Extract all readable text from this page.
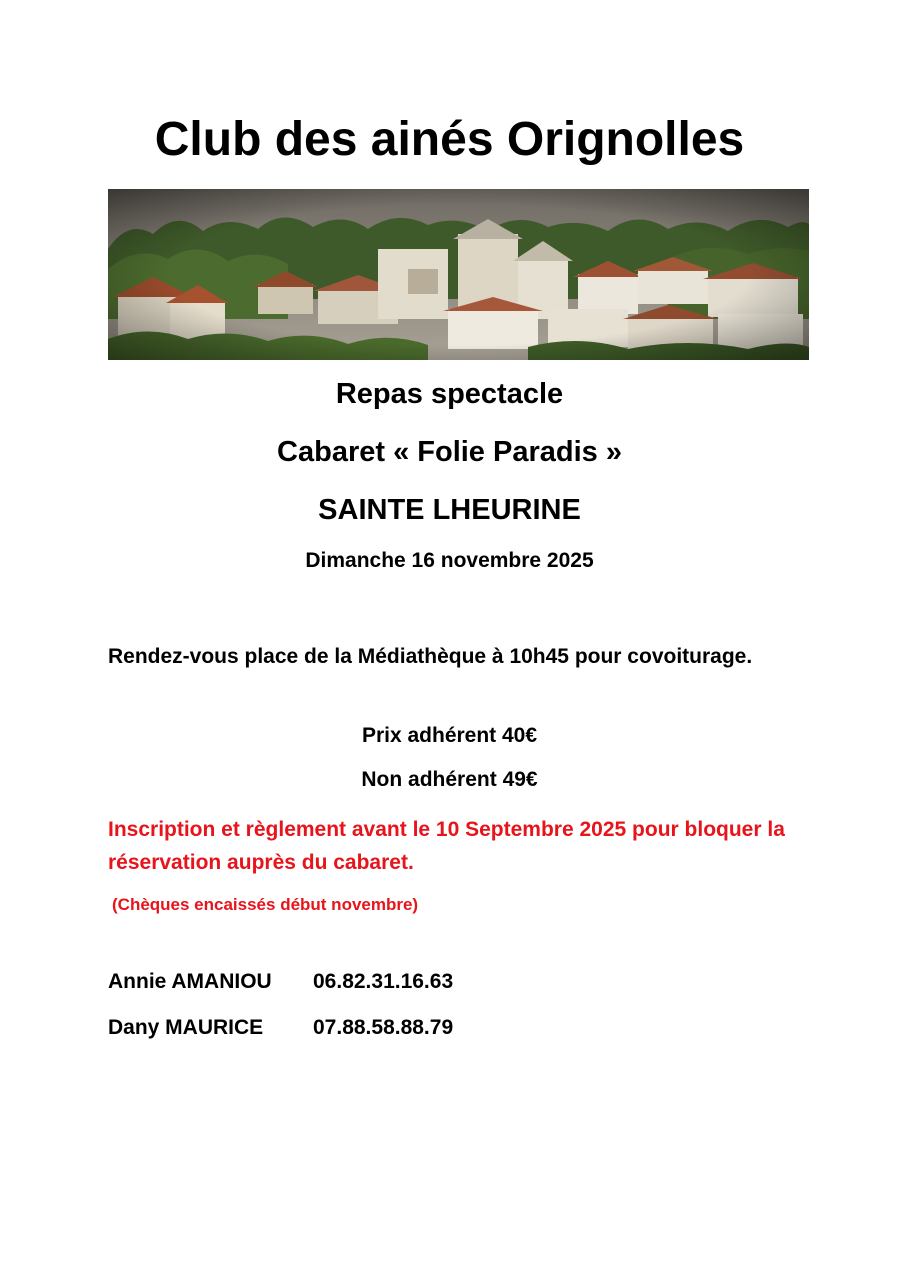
Club des ainés Orignolles
Repas spectacle
Cabaret « Folie Paradis »
SAINTE LHEURINE
Dimanche 16 novembre 2025
Rendez-vous place de la Médiathèque à 10h45 pour covoiturage.
Prix adhérent 40€
Non adhérent 49€
Inscription et règlement avant le 10 Septembre 2025 pour bloquer la réservation auprès du cabaret.
(Chèques encaissés début novembre)
Annie AMANIOU 06.82.31.16.63
Dany MAURICE 07.88.58.88.79
